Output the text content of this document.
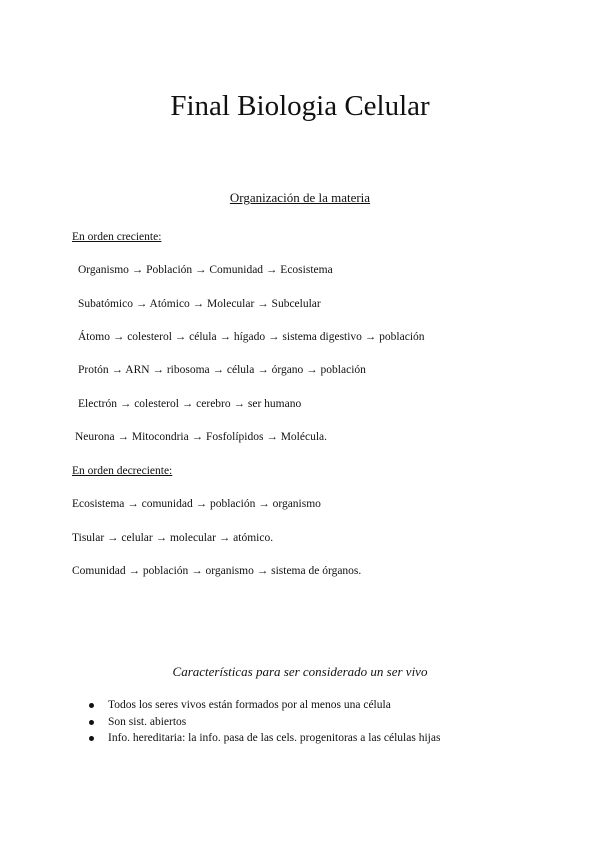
Final Biologia Celular

Organización de la materia

En orden creciente:

Organismo → Población → Comunidad → Ecosistema

Subatómico → Atómico → Molecular → Subcelular

Átomo → colesterol → célula → hígado → sistema digestivo → población

Protón → ARN → ribosoma → célula → órgano → población

Electrón → colesterol → cerebro → ser humano

Neurona → Mitocondria → Fosfolípidos → Molécula.

En orden decreciente:

Ecosistema → comunidad → población → organismo

Tisular → celular → molecular → atómico.

Comunidad → población → organismo → sistema de órganos.

Características para ser considerado un ser vivo

Todos los seres vivos están formados por al menos una célula
Son sist. abiertos
Info. hereditaria: la info. pasa de las cels. progenitoras a las células hijas
